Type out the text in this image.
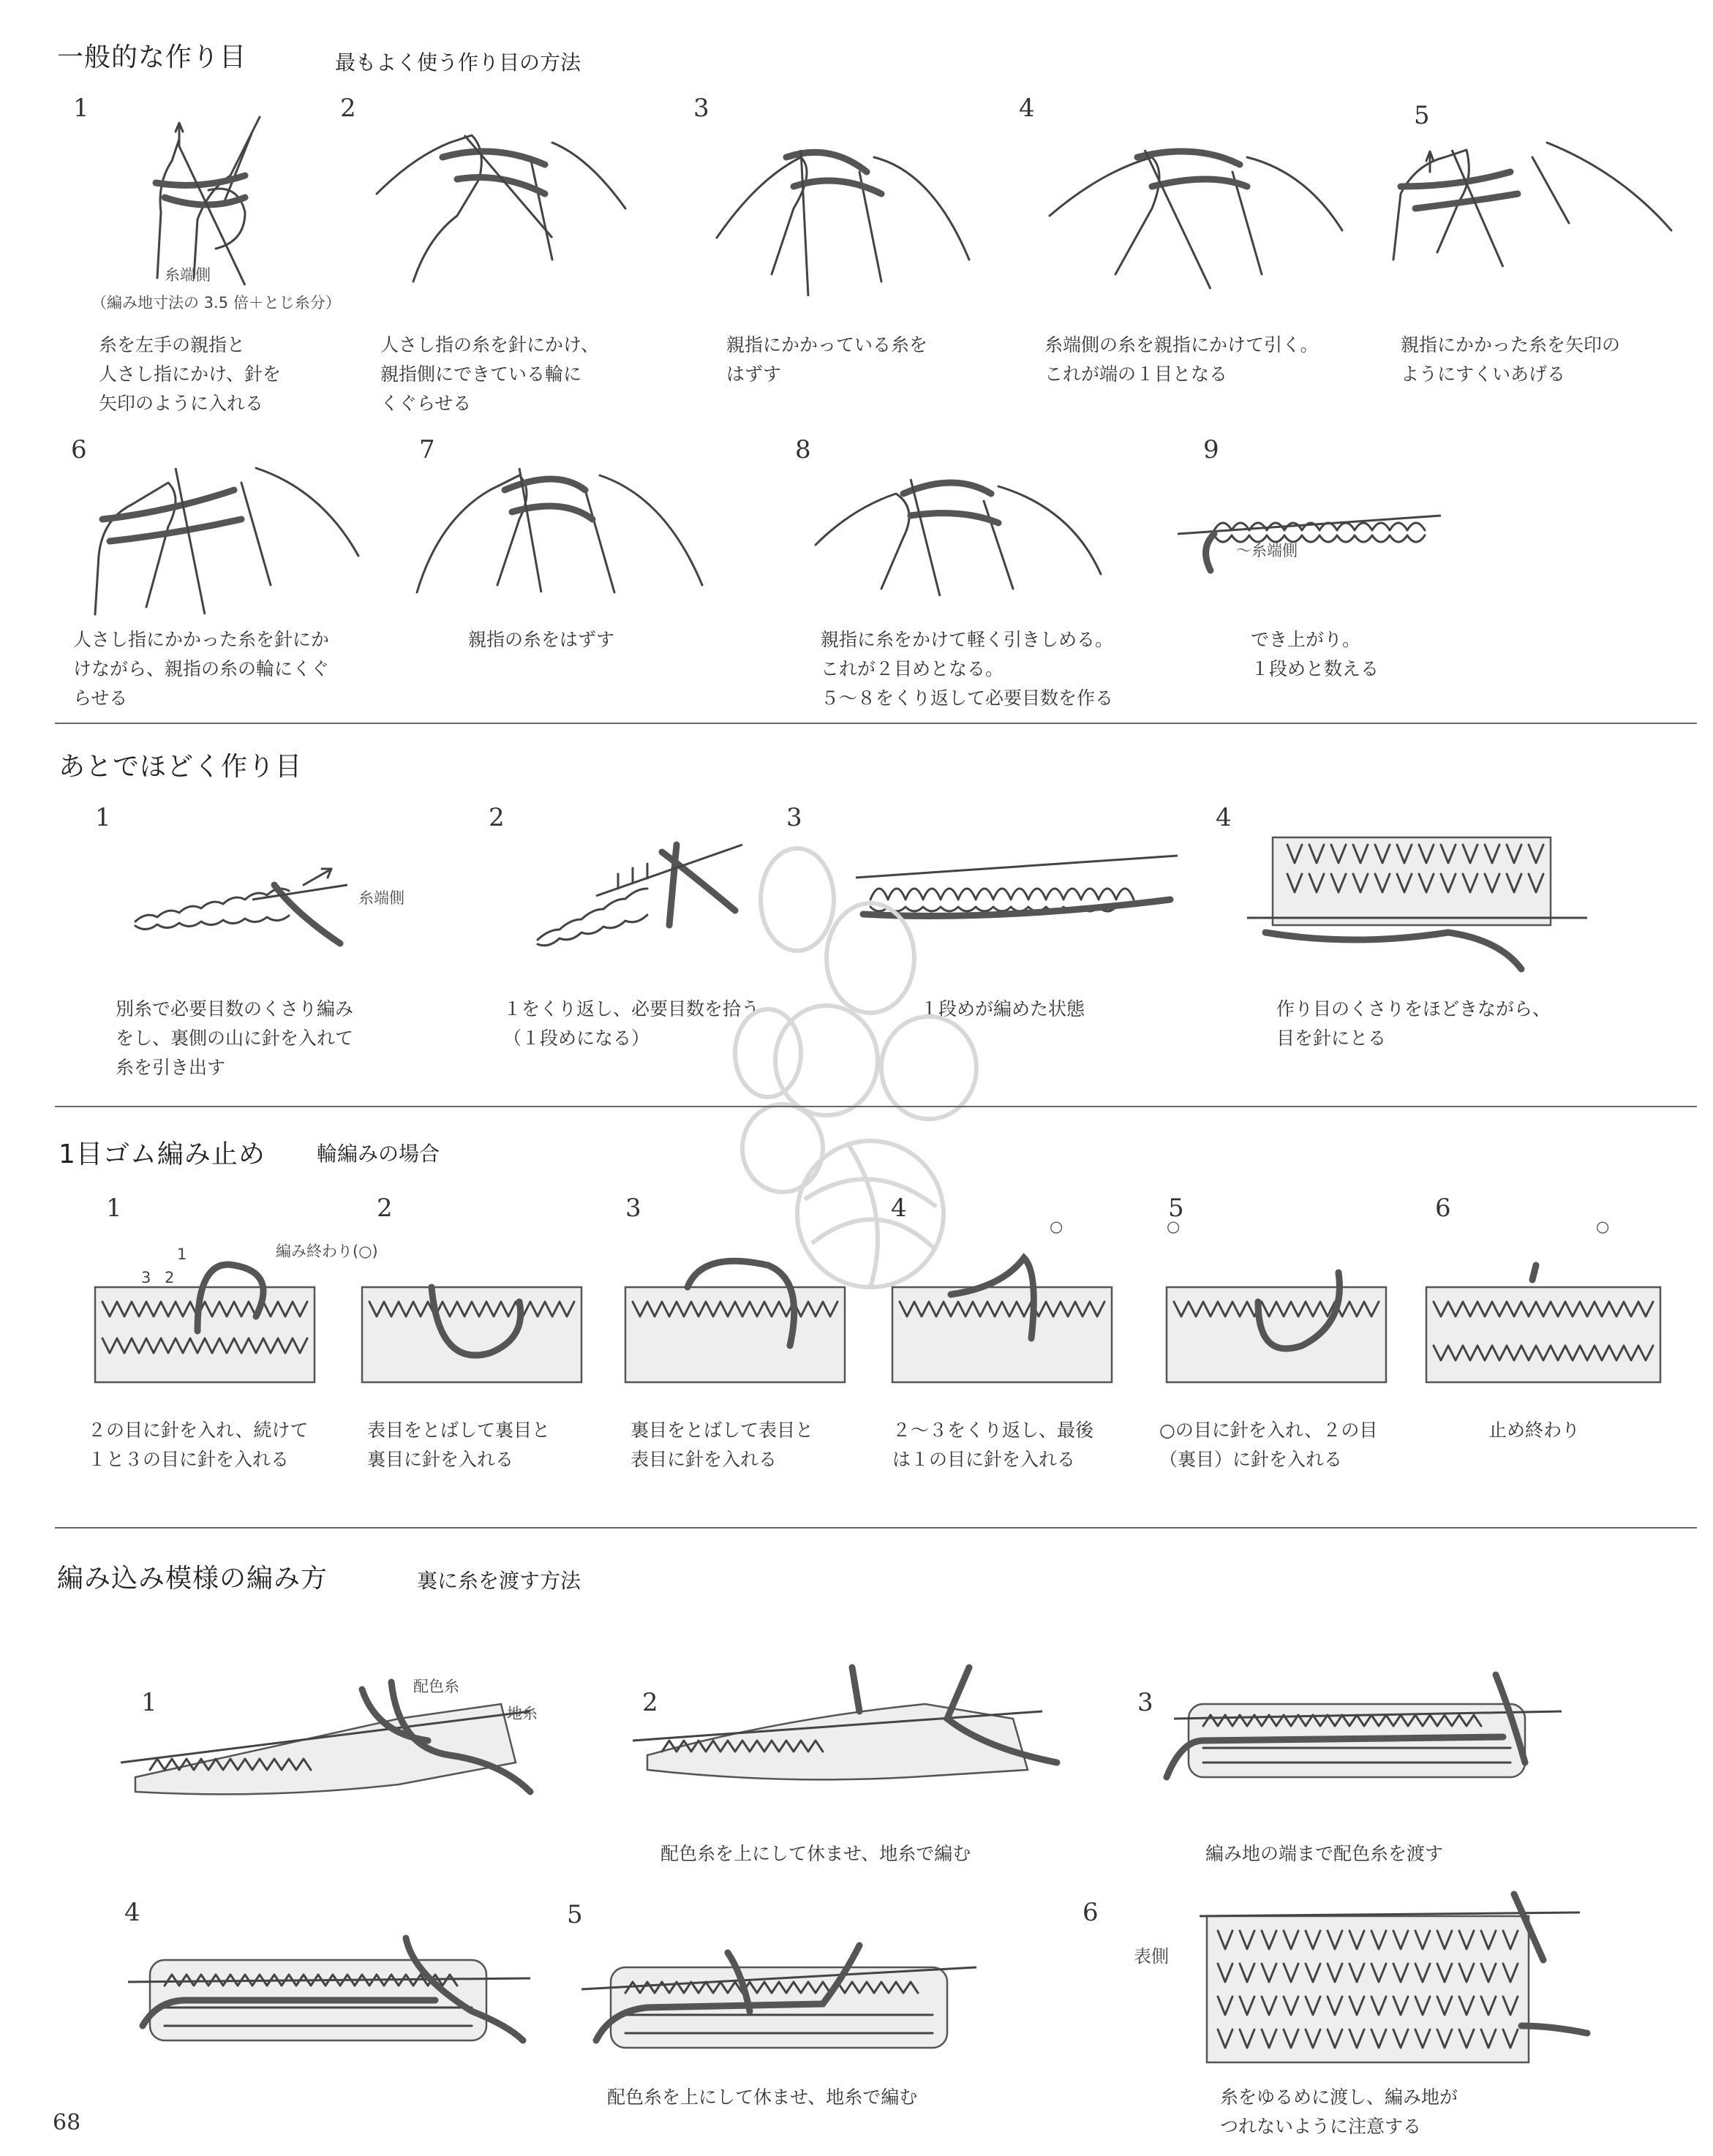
一般的な作り目	最もよく使う作り目の方法
1	2	3	4	5
糸端側
（編み地寸法の 3.5 倍＋とじ糸分）
糸を左手の親指と
人さし指にかけ、針を
矢印のように入れる
人さし指の糸を針にかけ、
親指側にできている輪に
くぐらせる
親指にかかっている糸を
はずす
糸端側の糸を親指にかけて引く。
これが端の１目となる
親指にかかった糸を矢印の
ようにすくいあげる
6	7	8	9
～糸端側
人さし指にかかった糸を針にか
けながら、親指の糸の輪にくぐ
らせる
親指の糸をはずす	親指に糸をかけて軽く引きしめる。
これが２目めとなる。
５～８をくり返して必要目数を作る
でき上がり。
１段めと数える
あとでほどく作り目
1	2	3	4
糸端側
別糸で必要目数のくさり編み
をし、裏側の山に針を入れて
糸を引き出す
１をくり返し、必要目数を拾う
（１段めになる）
１段めが編めた状態	作り目のくさりをほどきながら、
目を針にとる
1目ゴム編み止め	輪編みの場合
1	2	3	4	5	6
編み終わり(○)
1
3 2
○	○	○
２の目に針を入れ、続けて
１と３の目に針を入れる
表目をとばして裏目と
裏目に針を入れる
裏目をとばして表目と
表目に針を入れる
２～３をくり返し、最後
は１の目に針を入れる
○の目に針を入れ、２の目
（裏目）に針を入れる
止め終わり
編み込み模様の編み方	裏に糸を渡す方法
1	2	3
4	5	6
配色糸
地糸
表側
配色糸を上にして休ませ、地糸で編む	編み地の端まで配色糸を渡す
配色糸を上にして休ませ、地糸で編む	糸をゆるめに渡し、編み地が
つれないように注意する
68
